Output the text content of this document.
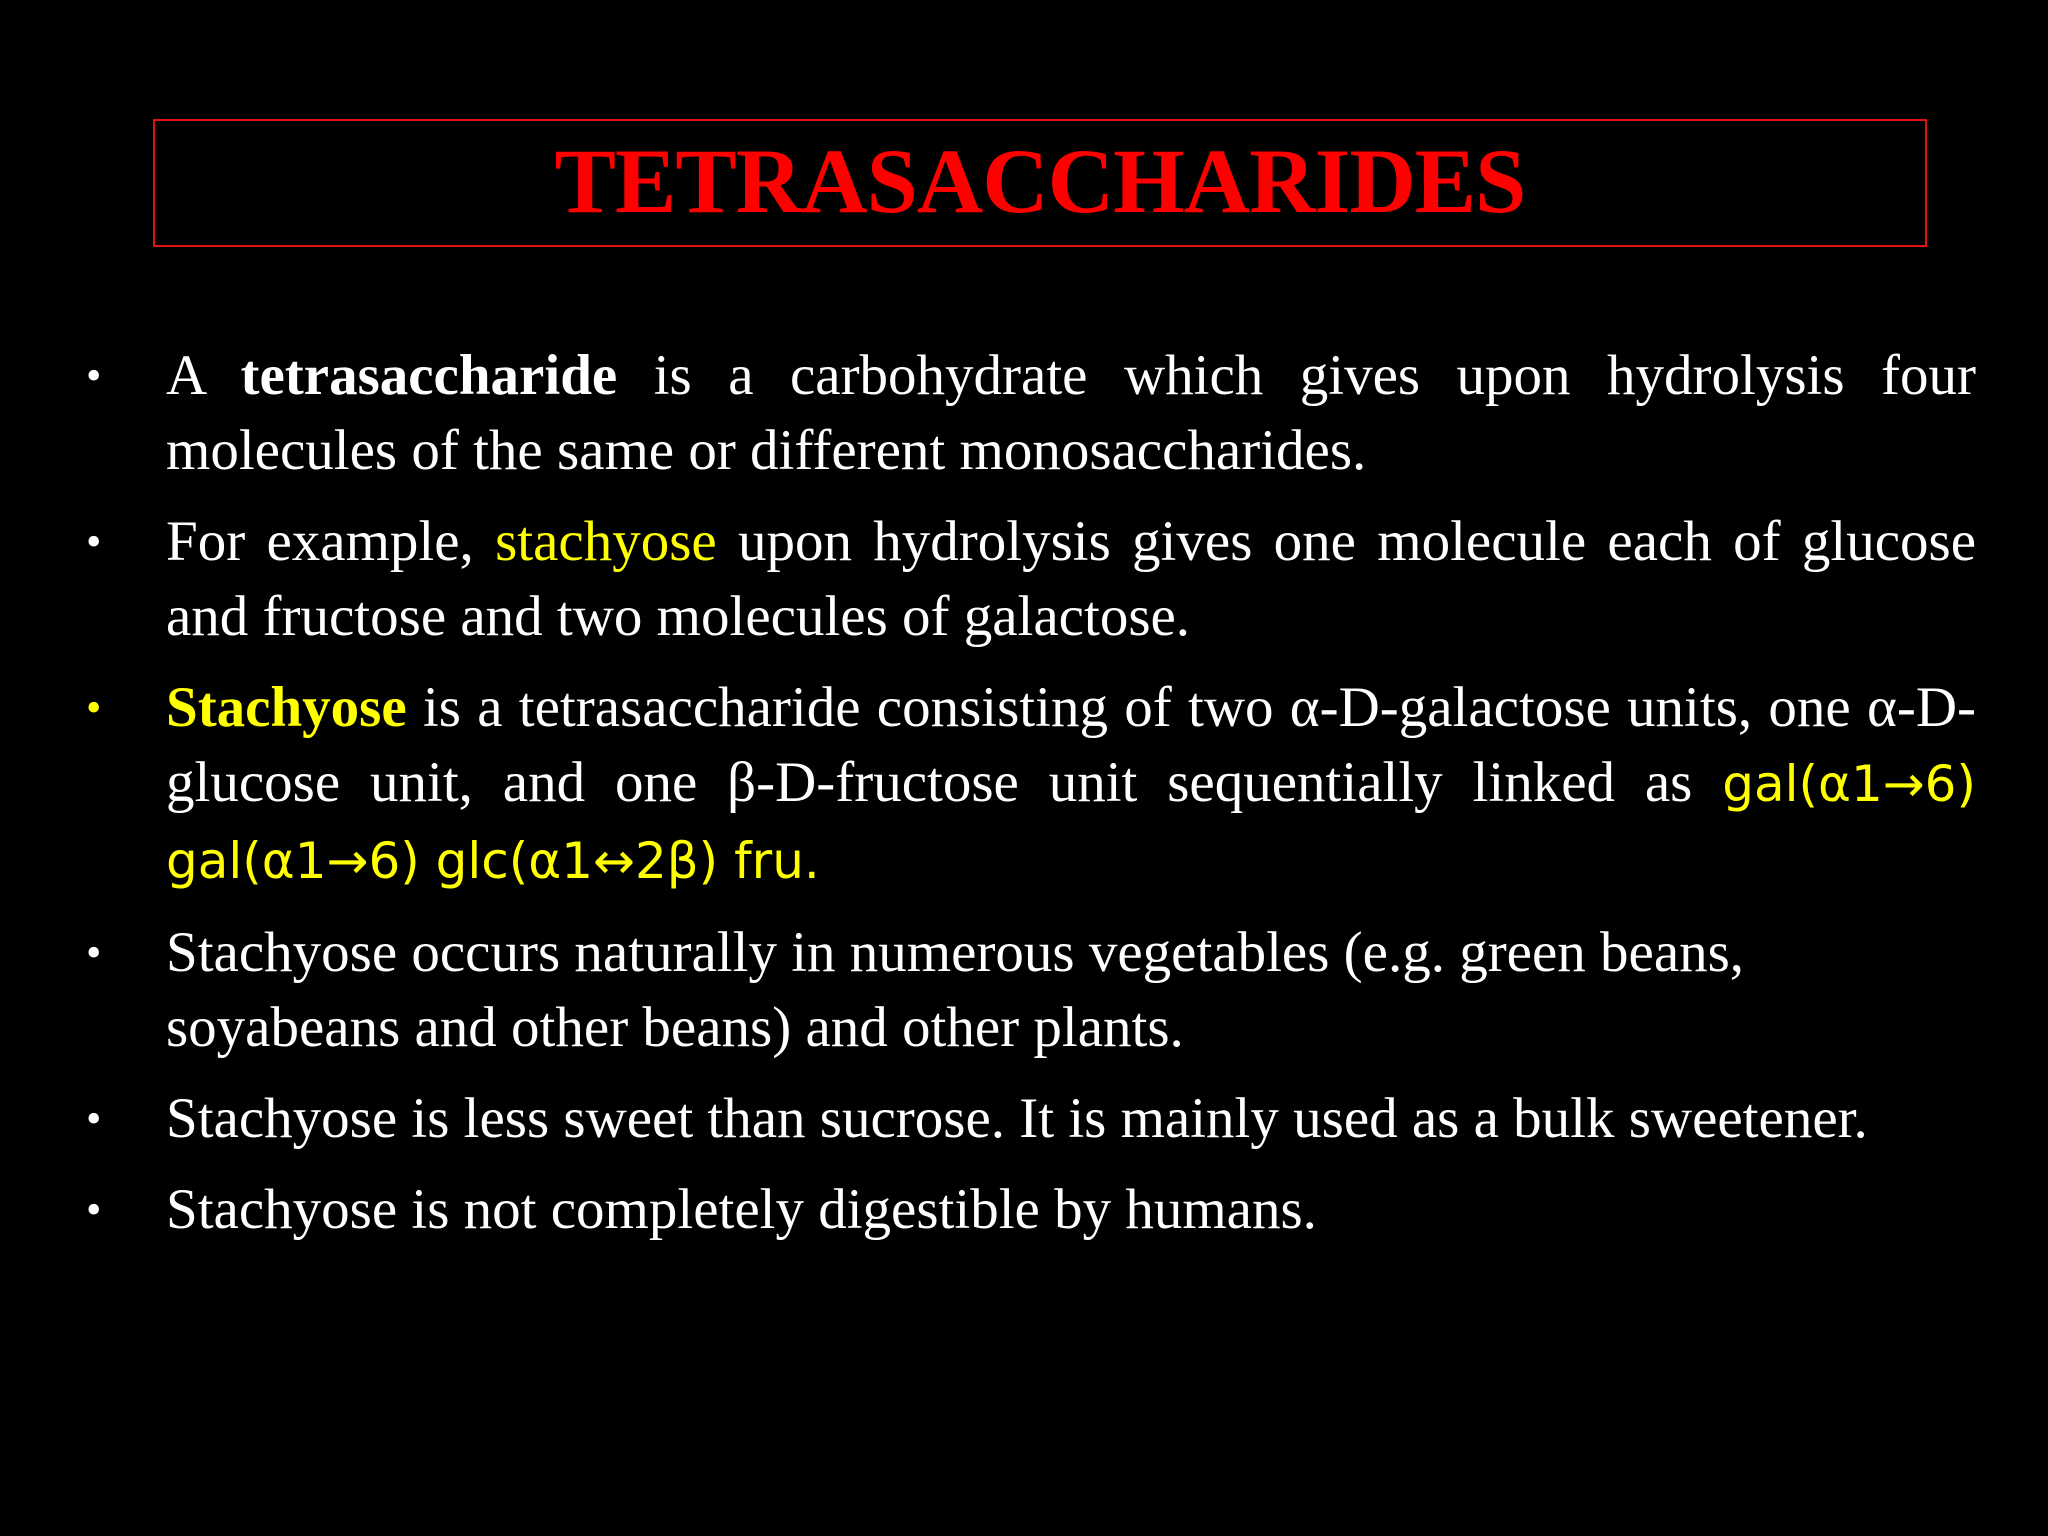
TETRASACCHARIDES
•	A tetrasaccharide is a carbohydrate which gives upon hydrolysis four molecules of the same or different monosaccharides.
•	For example, stachyose upon hydrolysis gives one molecule each of glucose and fructose and two molecules of galactose.
•	Stachyose is a tetrasaccharide consisting of two α-D-galactose units, one α-D-glucose unit, and one β-D-fructose unit sequentially linked as gal(α1→6) gal(α1→6) glc(α1↔2β) fru.
•	Stachyose occurs naturally in numerous vegetables (e.g. green beans, soyabeans and other beans) and other plants.
•	Stachyose is less sweet than sucrose. It is mainly used as a bulk sweetener.
•	Stachyose is not completely digestible by humans.
